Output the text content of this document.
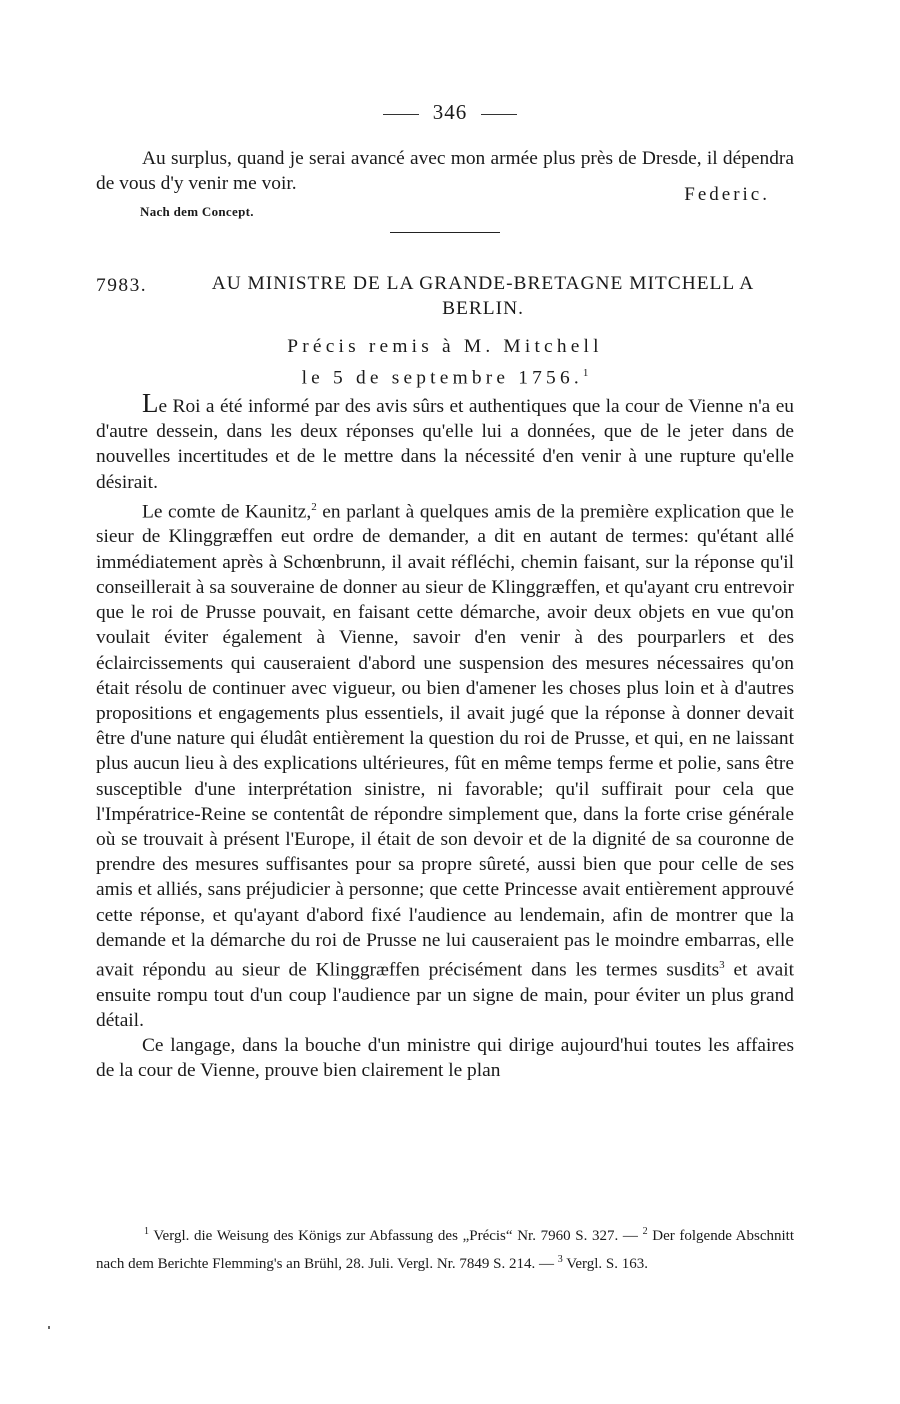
346

Au surplus, quand je serai avancé avec mon armée plus près de Dresde, il dépendra de vous d'y venir me voir.

Federic.
Nach dem Concept.
7983.	AU MINISTRE DE LA GRANDE-BRETAGNE MITCHELL A BERLIN.
Précis remis à M. Mitchell
le 5 de septembre 1756.$^1$

Le Roi a été informé par des avis sûrs et authentiques que la cour de Vienne n'a eu d'autre dessein, dans les deux réponses qu'elle lui a données, que de le jeter dans de nouvelles incertitudes et de le mettre dans la nécessité d'en venir à une rupture qu'elle désirait.

Le comte de Kaunitz,$^2$ en parlant à quelques amis de la première explication que le sieur de Klinggræffen eut ordre de demander, a dit en autant de termes: qu'étant allé immédiatement après à Schœnbrunn, il avait réfléchi, chemin faisant, sur la réponse qu'il conseillerait à sa souveraine de donner au sieur de Klinggræffen, et qu'ayant cru entrevoir que le roi de Prusse pouvait, en faisant cette démarche, avoir deux objets en vue qu'on voulait éviter également à Vienne, savoir d'en venir à des pourparlers et des éclaircissements qui causeraient d'abord une suspension des mesures nécessaires qu'on était résolu de continuer avec vigueur, ou bien d'amener les choses plus loin et à d'autres propositions et engagements plus essentiels, il avait jugé que la réponse à donner devait être d'une nature qui éludât entièrement la question du roi de Prusse, et qui, en ne laissant plus aucun lieu à des explications ultérieures, fût en même temps ferme et polie, sans être susceptible d'une interprétation sinistre, ni favorable; qu'il suffirait pour cela que l'Impératrice-Reine se contentât de répondre simplement que, dans la forte crise générale où se trouvait à présent l'Europe, il était de son devoir et de la dignité de sa couronne de prendre des mesures suffisantes pour sa propre sûreté, aussi bien que pour celle de ses amis et alliés, sans préjudicier à personne; que cette Princesse avait entièrement approuvé cette réponse, et qu'ayant d'abord fixé l'audience au lendemain, afin de montrer que la demande et la démarche du roi de Prusse ne lui causeraient pas le moindre embarras, elle avait répondu au sieur de Klinggræffen précisément dans les termes susdits$^3$ et avait ensuite rompu tout d'un coup l'audience par un signe de main, pour éviter un plus grand détail.

Ce langage, dans la bouche d'un ministre qui dirige aujourd'hui toutes les affaires de la cour de Vienne, prouve bien clairement le plan

$^1$ Vergl. die Weisung des Königs zur Abfassung des „Précis“ Nr. 7960 S. 327. — $^2$ Der folgende Abschnitt nach dem Berichte Flemming's an Brühl, 28. Juli. Vergl. Nr. 7849 S. 214. — $^3$ Vergl. S. 163.
